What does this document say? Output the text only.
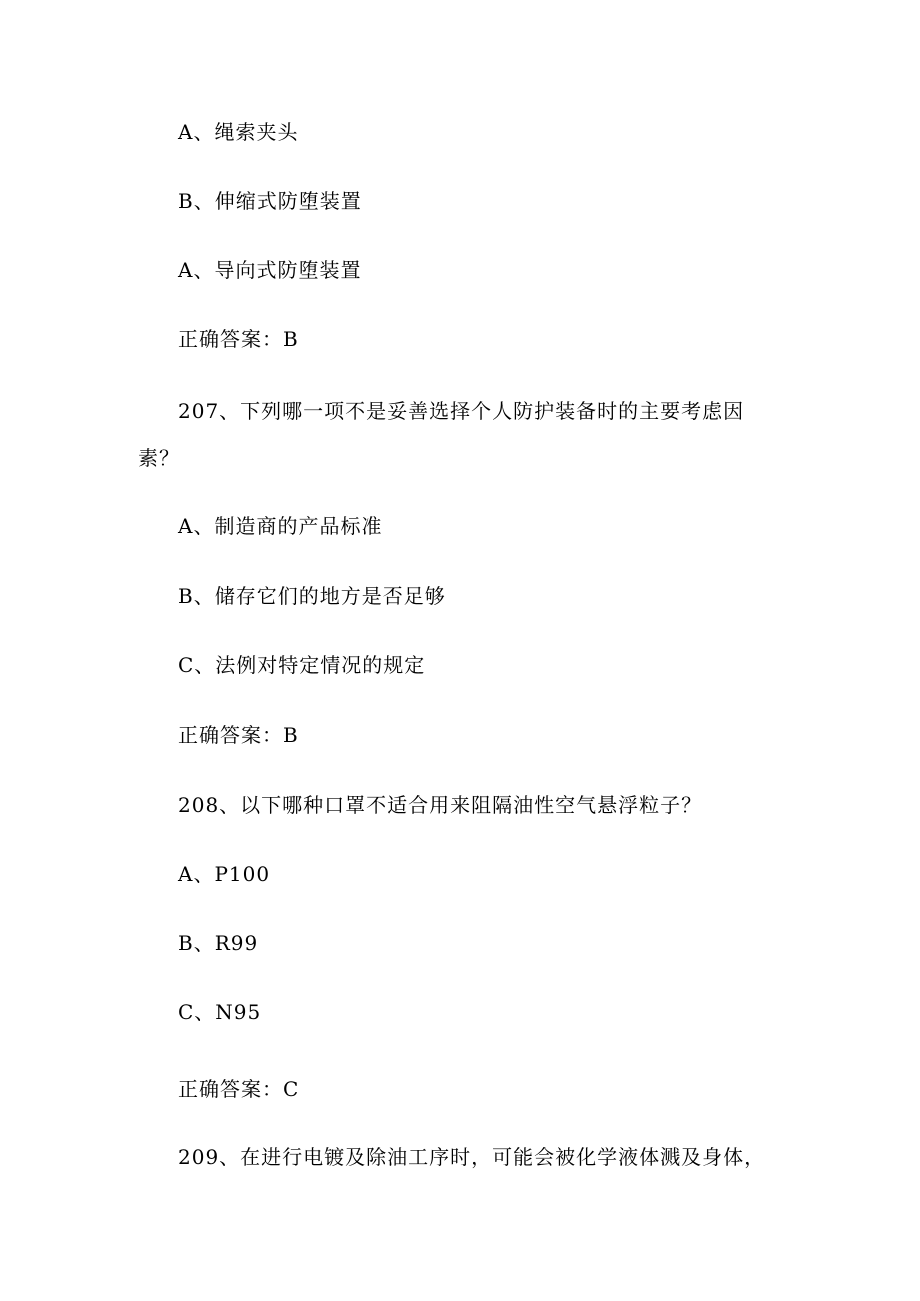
A、绳索夹头
B、伸缩式防堕装置
A、导向式防堕装置
正确答案：B
207、下列哪一项不是妥善选择个人防护装备时的主要考虑因
素？
A、制造商的产品标准
B、储存它们的地方是否足够
C、法例对特定情况的规定
正确答案：B
208、以下哪种口罩不适合用来阻隔油性空气悬浮粒子？
A、P100
B、R99
C、N95
正确答案：C
209、在进行电镀及除油工序时，可能会被化学液体溅及身体，
